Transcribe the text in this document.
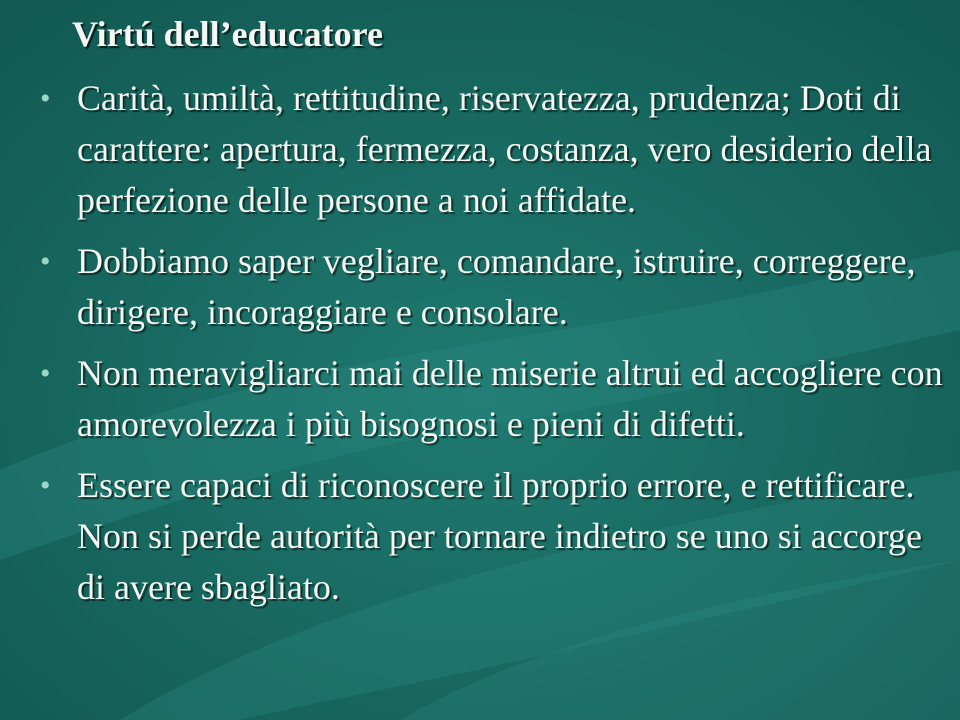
Virtú dell’educatore
• Carità, umiltà, rettitudine, riservatezza, prudenza; Doti di carattere: apertura, fermezza, costanza, vero desiderio della perfezione delle persone a noi affidate.
• Dobbiamo saper vegliare, comandare, istruire, correggere, dirigere, incoraggiare e consolare.
• Non meravigliarci mai delle miserie altrui ed accogliere con amorevolezza i più bisognosi e pieni di difetti.
• Essere capaci di riconoscere il proprio errore, e rettificare. Non si perde autorità per tornare indietro se uno si accorge di avere sbagliato.
